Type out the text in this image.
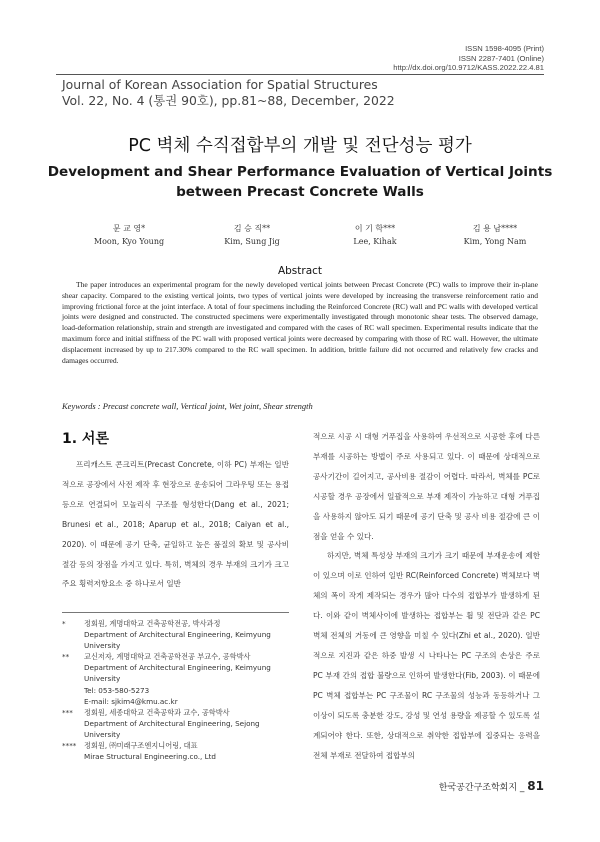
ISSN 1598-4095 (Print)
ISSN 2287-7401 (Online)
http://dx.doi.org/10.9712/KASS.2022.22.4.81
Journal of Korean Association for Spatial Structures
Vol. 22, No. 4 (통권 90호), pp.81~88, December, 2022
PC 벽체 수직접합부의 개발 및 전단성능 평가
Development and Shear Performance Evaluation of Vertical Joints
between Precast Concrete Walls
문 교 영*
Moon, Kyo Young
김 승 직**
Kim, Sung Jig
이 기 학***
Lee, Kihak
김 용 남****
Kim, Yong Nam
Abstract
The paper introduces an experimental program for the newly developed vertical joints between Precast Concrete (PC) walls to improve their in-plane shear capacity. Compared to the existing vertical joints, two types of vertical joints were developed by increasing the transverse reinforcement ratio and improving frictional force at the joint interface. A total of four specimens including the Reinforced Concrete (RC) wall and PC walls with developed vertical joints were designed and constructed. The constructed specimens were experimentally investigated through monotonic shear tests. The observed damage, load-deformation relationship, strain and strength are investigated and compared with the cases of RC wall specimen. Experimental results indicate that the maximum force and initial stiffness of the PC wall with proposed vertical joints were decreased by comparing with those of RC wall. However, the ultimate displacement increased by up to 217.30% compared to the RC wall specimen. In addition, brittle failure did not occurred and relatively few cracks and damages occurred.
Keywords : Precast concrete wall, Vertical joint, Wet joint, Shear strength
1. 서론

프리캐스트 콘크리트(Precast Concrete, 이하 PC) 부재는 일반적으로 공장에서 사전 제작 후 현장으로 운송되어 그라우팅 또는 용접 등으로 연결되어 모놀리식 구조를 형성한다(Dang et al., 2021; Brunesi et al., 2018; Aparup et al., 2018; Caiyan et al., 2020). 이 때문에 공기 단축, 균일하고 높은 품질의 확보 및 공사비 절감 등의 장점을 가지고 있다. 특히, 벽체의 경우 부재의 크기가 크고 주요 횡력저항요소 중 하나로서 일반

적으로 시공 시 대형 거푸집을 사용하여 우선적으로 시공한 후에 다른 부재를 시공하는 방법이 주로 사용되고 있다. 이 때문에 상대적으로 공사기간이 길어지고, 공사비용 절감이 어렵다. 따라서, 벽체를 PC로 시공할 경우 공장에서 일괄적으로 부재 제작이 가능하고 대형 거푸집을 사용하지 않아도 되기 때문에 공기 단축 및 공사 비용 절감에 큰 이점을 얻을 수 있다.

하지만, 벽체 특성상 부재의 크기가 크기 때문에 부재운송에 제한이 있으며 이로 인하여 일반 RC(Reinforced Concrete) 벽체보다 벽체의 폭이 작게 제작되는 경우가 많아 다수의 접합부가 발생하게 된다. 이와 같이 벽체사이에 발생하는 접합부는 휨 및 전단과 같은 PC 벽체 전체의 거동에 큰 영향을 미칠 수 있다(Zhi et al., 2020). 일반적으로 지진과 같은 하중 발생 시 나타나는 PC 구조의 손상은 주로 PC 부재 간의 접합 불량으로 인하여 발생한다(Fib, 2003). 이 때문에 PC 벽체 접합부는 PC 구조물이 RC 구조물의 성능과 동등하거나 그 이상이 되도록 충분한 강도, 강성 및 연성 용량을 제공할 수 있도록 설계되어야 한다. 또한, 상대적으로 취약한 접합부에 집중되는 응력을 전체 부재로 전달하여 접합부의

*	정회원, 계명대학교 건축공학전공, 박사과정
Department of Architectural Engineering, Keimyung University
**	교신저자, 계명대학교 건축공학전공 부교수, 공학박사
Department of Architectural Engineering, Keimyung University
Tel: 053-580-5273
E-mail: sjkim4@kmu.ac.kr
***	정회원, 세종대학교 건축공학과 교수, 공학박사
Department of Architectural Engineering, Sejong University
****	정회원, ㈜미래구조엔지니어링, 대표
Mirae Structural Engineering.co., Ltd
한국공간구조학회지 _ 81
